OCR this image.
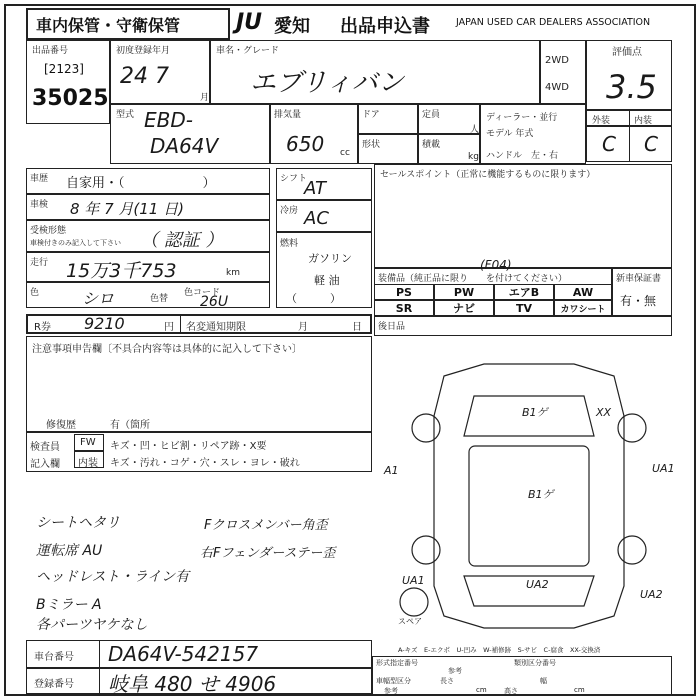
車内保管・守衛保管	JU 愛知 出品申込書	JAPAN USED CAR DEALERS ASSOCIATION
出品番号
[2123]
35025
初度登録年月
24 7
月
車名・グレード
エブリィバン
2WD
4WD
評価点
3.5
外装	内装
C C
型式 EBD-
DA64V
排気量
650 cc
ドア	定員
人
形状	積載
kg
ディーラー・並行
モデル 年式
ハンドル　左・右
車歴 自家用・（　　　　　　）	シフト
AT
セールスポイント（正常に機能するものに限ります）
車検 8 年 7 月(11 日)	冷房 AC
受検形態
車検付きのみ記入して下さい （ 認証 ）	燃料
ガソリン
軽 油
（　　　）
走行 15万3千753	km
色	シロ	色替
色コード
26U
装備品（純正品に限り　　を付けてください）
(F04)
PS	PW	エアB	AW
SR	ナビ	TV	カワシート
新車保証書
有・無
R券 9210	円 名変通知期限	月	日 後日品
注意事項申告欄〔不具合内容等は具体的に記入して下さい〕
修復歴	有（箇所
検査員
記入欄
FW キズ・凹・ヒビ割・リペア跡・X要
内装 キズ・汚れ・コゲ・穴・スレ・ヨレ・破れ
シートヘタリ
運転席 AU
ヘッドレスト・ライン有
Bミラー A
各パーツヤケなし
Fクロスメンバー角歪
右Fフェンダーステー歪
車台番号 DA64V-542157
登録番号 岐阜 480 せ 4906
B1ゲ	XX
B1ゲ
A1	UA1
UA1	UA2
UA2
スペア
A-キズ　E-エクボ　U-凹み　W-補修跡　S-サビ　C-腐食　XX-交換済
形式指定番号	類別区分番号
参考
車幅型区分	長さ	幅
参考	cm 高さ	cm
